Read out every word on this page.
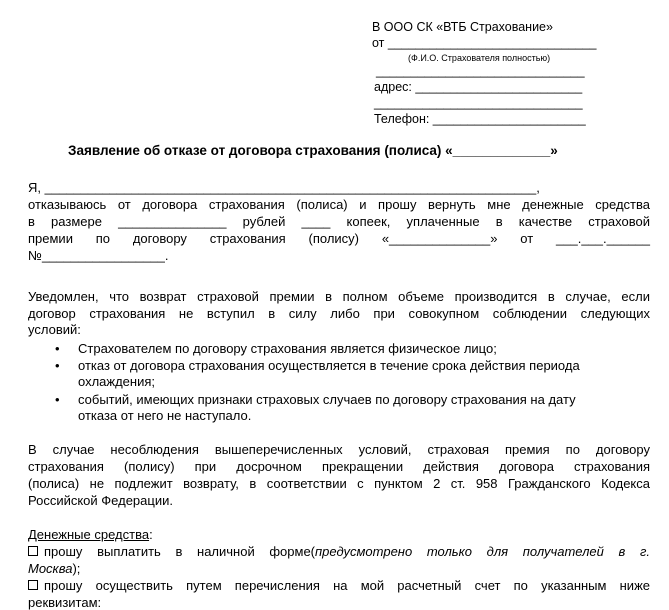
В ООО СК «ВТБ Страхование»
от ______________________________
(Ф.И.О. Страхователя полностью)
______________________________
адрес: ________________________
______________________________
Телефон: ______________________
Заявление об отказе от договора страхования (полиса) «_____________»
Я, ____________________________________________________________________,
отказываюсь от договора страхования (полиса) и прошу вернуть мне денежные средства
в размере _______________ рублей ____ копеек, уплаченные в качестве страховой
премии по договору страхования (полису) «______________» от ___.___.______
№_________________.
Уведомлен, что возврат страховой премии в полном объеме производится в случае, если
договор страхования не вступил в силу либо при совокупном соблюдении следующих
условий:
• Страхователем по договору страхования является физическое лицо;
• отказ от договора страхования осуществляется в течение срока действия периода
охлаждения;
• событий, имеющих признаки страховых случаев по договору страхования на дату
отказа от него не наступало.
В случае несоблюдения вышеперечисленных условий, страховая премия по договору
страхования (полису) при досрочном прекращении действия договора страхования
(полиса) не подлежит возврату, в соответствии с пунктом 2 ст. 958 Гражданского Кодекса
Российской Федерации.
Денежные средства:
прошу выплатить в наличной форме(предусмотрено только для получателей в г.
Москва);
прошу осуществить путем перечисления на мой расчетный счет по указанным ниже
реквизитам:
